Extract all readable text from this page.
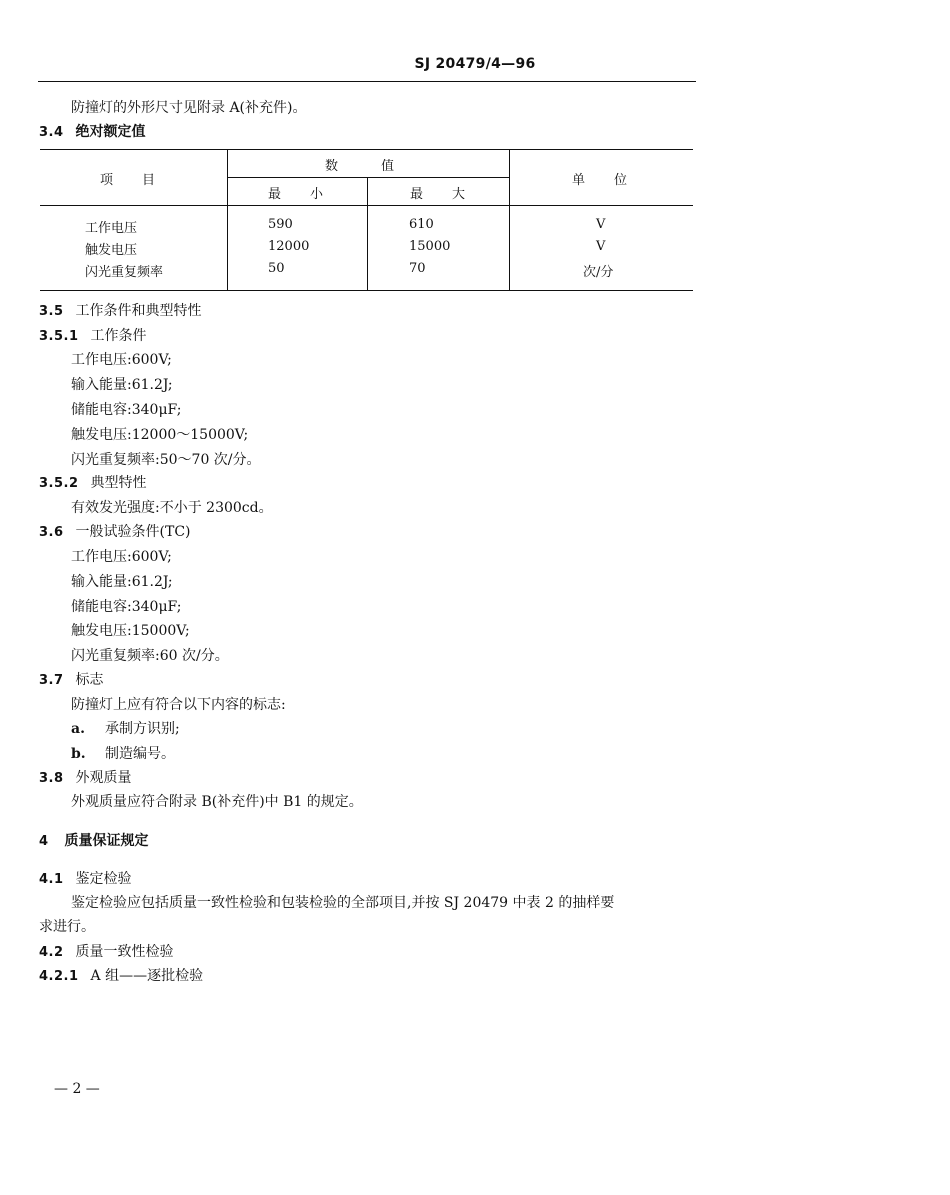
SJ 20479/4—96
防撞灯的外形尺寸见附录 A(补充件)。
3.4 绝对额定值
项　　目
数　　　值
最　　小	最　　大
单　　位
工作电压	590	610	V
触发电压	12000	15000	V
闪光重复频率	50	70	次/分
3.5 工作条件和典型特性
3.5.1 工作条件
工作电压:600V;
输入能量:61.2J;
储能电容:340μF;
触发电压:12000～15000V;
闪光重复频率:50～70 次/分。
3.5.2 典型特性
有效发光强度:不小于 2300cd。
3.6 一般试验条件(TC)
工作电压:600V;
输入能量:61.2J;
储能电容:340μF;
触发电压:15000V;
闪光重复频率:60 次/分。
3.7 标志
防撞灯上应有符合以下内容的标志:
a. 承制方识别;
b. 制造编号。
3.8 外观质量
外观质量应符合附录 B(补充件)中 B1 的规定。
4 质量保证规定
4.1 鉴定检验
鉴定检验应包括质量一致性检验和包装检验的全部项目,并按 SJ 20479 中表 2 的抽样要
求进行。
4.2 质量一致性检验
4.2.1 A 组——逐批检验
— 2 —
